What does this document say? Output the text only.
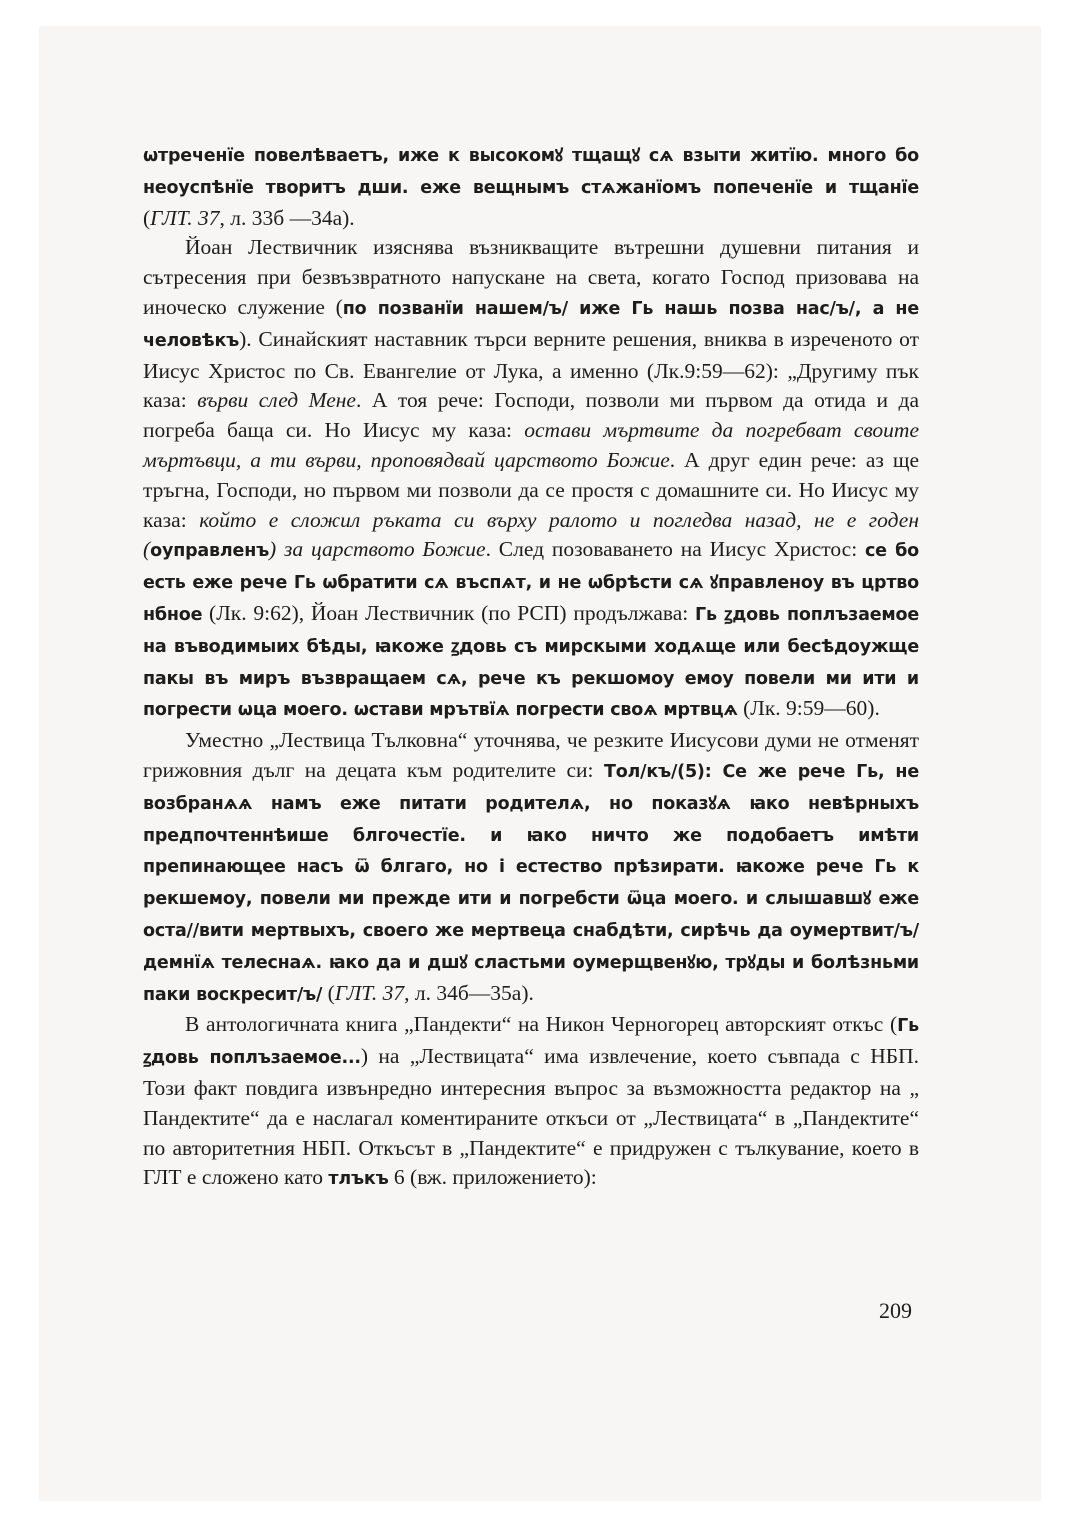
ѡтреченїе повелѣваетъ, иже к высокомꙋ тщащꙋ сѧ взыти житїю. много бо неоуспѣнїе творитъ дши. еже вещнымъ стѧжанїомъ попеченїе и тщанїе (ГЛТ. 37, л. 33б —34а).

Йоан Лествичник изяснява възникващите вътрешни душевни питания и сътресения при безвъзвратното напускане на света, когато Господ призовава на иноческо служение (по позванїи нашем/ъ/ иже Гь нашь позва нас/ъ/, а не человѣкъ). Синайският наставник търси верните решения, вниква в изреченото от Иисус Христос по Св. Евангелие от Лука, а именно (Лк.9:59—62): „Другиму пък каза: върви след Мене. А тоя рече: Господи, позволи ми първом да отида и да погреба баща си. Но Иисус му каза: остави мъртвите да погребват своите мъртъвци, а ти върви, проповядвай царството Божие. А друг един рече: аз ще тръгна, Господи, но първом ми позволи да се простя с домашните си. Но Иисус му каза: който е сложил ръката си върху ралото и погледва назад, не е годен (оуправленъ) за царството Божие. След позоваването на Иисус Христос: се бо есть еже рече Гь ѡбратити сѧ въспѧт, и не ѡбрѣсти сѧ ꙋправленоу въ цртво нбное (Лк. 9:62), Йоан Лествичник (по РСП) продължава: Гь ꙁдовь поплъзаемое на въводимыих бѣды, ꙗкоже ꙁдовь съ мирскыми ходѧще или бесѣдоужще пакы въ миръ възвращаем сѧ, рече къ рекшомоу емоу повели ми ити и погрести ѡца моего. ѡстави мрътвїѧ погрести своѧ мртвцѧ (Лк. 9:59—60).

Уместно „Лествица Тълковна“ уточнява, че резките Иисусови думи не отменят грижовния дълг на децата към родителите си: Тол/къ/(5): Се же рече Гь, не возбранѧѧ намъ еже питати родителѧ, но показꙋѧ ꙗко невѣрныхъ предпочтеннѣише блгочестїе. и ꙗко ничто же подобаетъ имѣти препинающее насъ ѿ блгаго, но і естество прѣзирати. ꙗкоже рече Гь к рекшемоу, повели ми прежде ити и погребсти ѿца моего. и слышавшꙋ еже оста//вити мертвыхъ, своего же мертвеца снабдѣти, сирѣчь да оумертвит/ъ/ демнїѧ телеснаѧ. ꙗко да и дшꙋ сластьми оумерщвенꙋю, трꙋды и болѣзньми паки воскресит/ъ/ (ГЛТ. 37, л. 34б—35а).

В антологичната книга „Пандекти“ на Никон Черногорец авторският откъс (Гь ꙁдовь поплъзаемое...) на „Лествицата“ има извлечение, което съвпада с НБП. Този факт повдига извънредно интересния въпрос за възможността редактор на „ Пандектите“ да е наслагал коментираните откъси от „Лествицата“ в „Пандектите“ по авторитетния НБП. Откъсът в „Пандектите“ е придружен с тълкувание, което в ГЛТ е сложено като тлъкъ 6 (вж. приложението):

209
